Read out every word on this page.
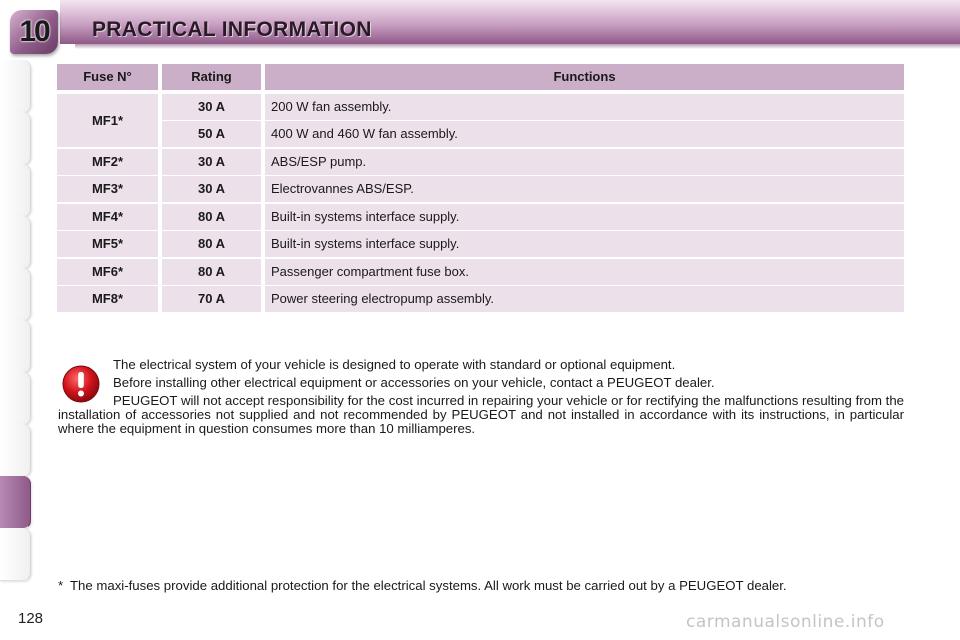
10	PRACTICAL INFORMATION
Fuse N°	Rating	Functions
MF1*
30 A	200 W fan assembly.
50 A	400 W and 460 W fan assembly.
MF2*	30 A	ABS/ESP pump.
MF3*	30 A	Electrovannes ABS/ESP.
MF4*	80 A	Built-in systems interface supply.
MF5*	80 A	Built-in systems interface supply.
MF6*	80 A	Passenger compartment fuse box.
MF8*	70 A	Power steering electropump assembly.

The electrical system of your vehicle is designed to operate with standard or optional equipment.

Before installing other electrical equipment or accessories on your vehicle, contact a PEUGEOT dealer.

PEUGEOT will not accept responsibility for the cost incurred in repairing your vehicle or for rectifying the malfunctions resulting from the installation of accessories not supplied and not recommended by PEUGEOT and not installed in accordance with its instructions, in particular where the equipment in question consumes more than 10 milliamperes.

* The maxi-fuses provide additional protection for the electrical systems. All work must be carried out by a PEUGEOT dealer.
128	carmanualsonline.info
